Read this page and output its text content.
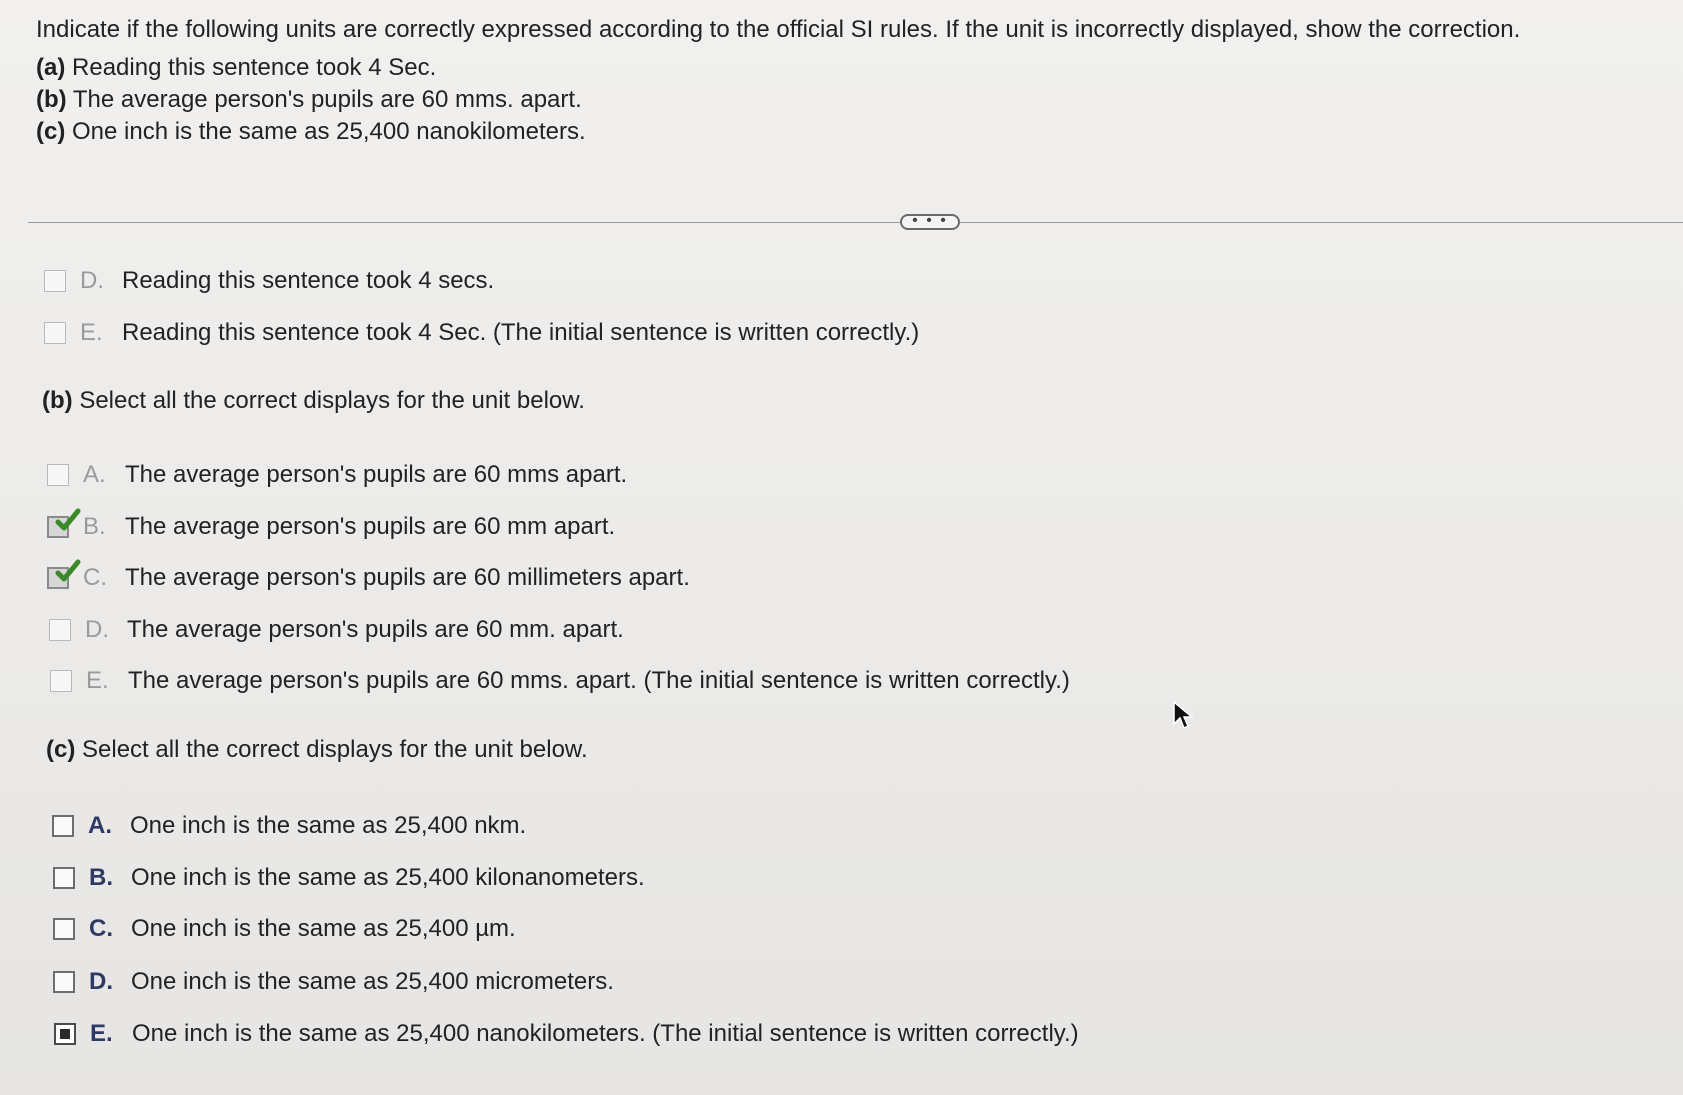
Indicate if the following units are correctly expressed according to the official SI rules. If the unit is incorrectly displayed, show the correction.

(a) Reading this sentence took 4 Sec.
(b) The average person's pupils are 60 mms. apart.
(c) One inch is the same as 25,400 nanokilometers.
• • •
D. Reading this sentence took 4 secs.
E. Reading this sentence took 4 Sec. (The initial sentence is written correctly.)
(b) Select all the correct displays for the unit below.
A. The average person's pupils are 60 mms apart.
B. The average person's pupils are 60 mm apart.
C. The average person's pupils are 60 millimeters apart.
D. The average person's pupils are 60 mm. apart.
E. The average person's pupils are 60 mms. apart. (The initial sentence is written correctly.)
(c) Select all the correct displays for the unit below.
A. One inch is the same as 25,400 nkm.
B. One inch is the same as 25,400 kilonanometers.
C. One inch is the same as 25,400 µm.
D. One inch is the same as 25,400 micrometers.
E. One inch is the same as 25,400 nanokilometers. (The initial sentence is written correctly.)
